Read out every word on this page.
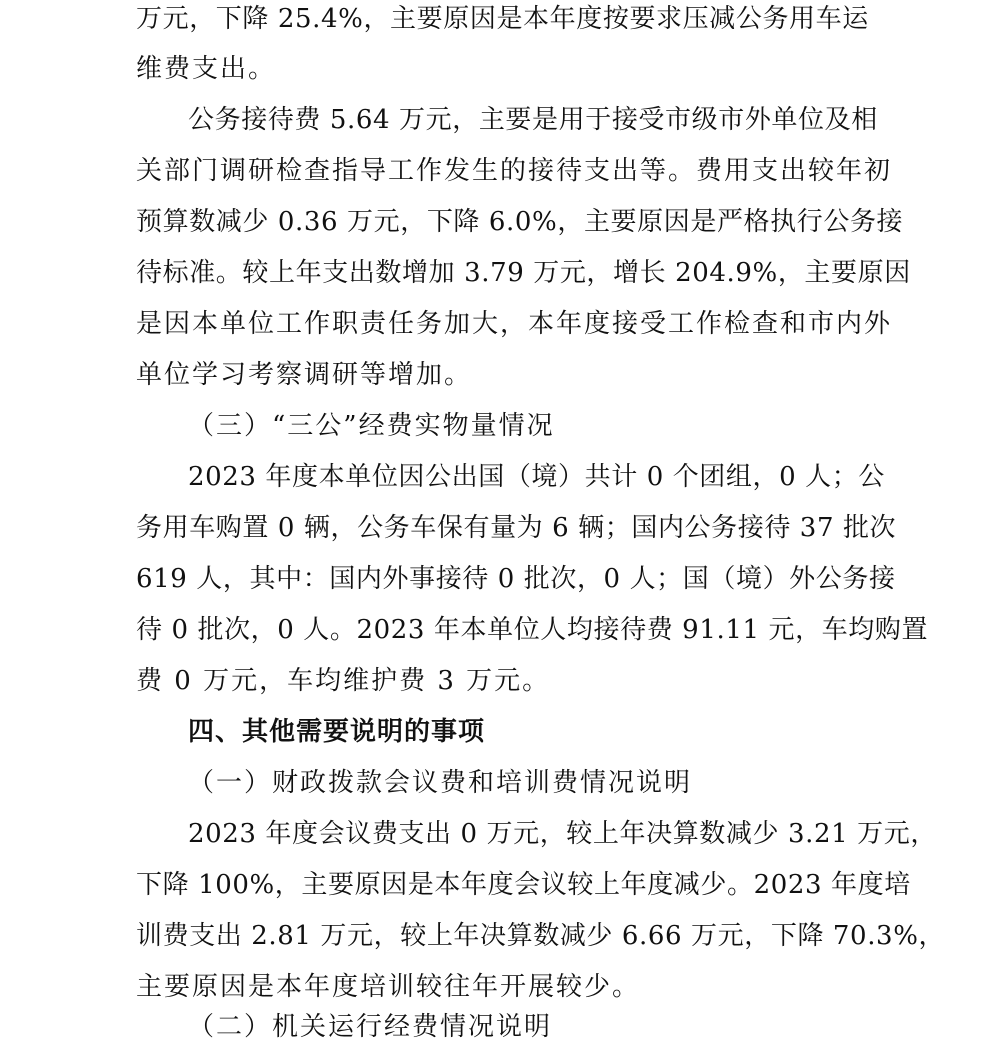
万元，下降 25.4%，主要原因是本年度按要求压减公务用车运
维费支出。
公务接待费 5.64 万元，主要是用于接受市级市外单位及相
关部门调研检查指导工作发生的接待支出等。费用支出较年初
预算数减少 0.36 万元，下降 6.0%，主要原因是严格执行公务接
待标准。较上年支出数增加 3.79 万元，增长 204.9%，主要原因
是因本单位工作职责任务加大，本年度接受工作检查和市内外
单位学习考察调研等增加。
（三）“三公”经费实物量情况
2023 年度本单位因公出国（境）共计 0 个团组，0 人；公
务用车购置 0 辆，公务车保有量为 6 辆；国内公务接待 37 批次
619 人，其中：国内外事接待 0 批次，0 人；国（境）外公务接
待 0 批次，0 人。2023 年本单位人均接待费 91.11 元，车均购置
费 0 万元，车均维护费 3 万元。
四、其他需要说明的事项
（一）财政拨款会议费和培训费情况说明
2023 年度会议费支出 0 万元，较上年决算数减少 3.21 万元，
下降 100%，主要原因是本年度会议较上年度减少。2023 年度培
训费支出 2.81 万元，较上年决算数减少 6.66 万元，下降 70.3%，
主要原因是本年度培训较往年开展较少。
（二）机关运行经费情况说明
